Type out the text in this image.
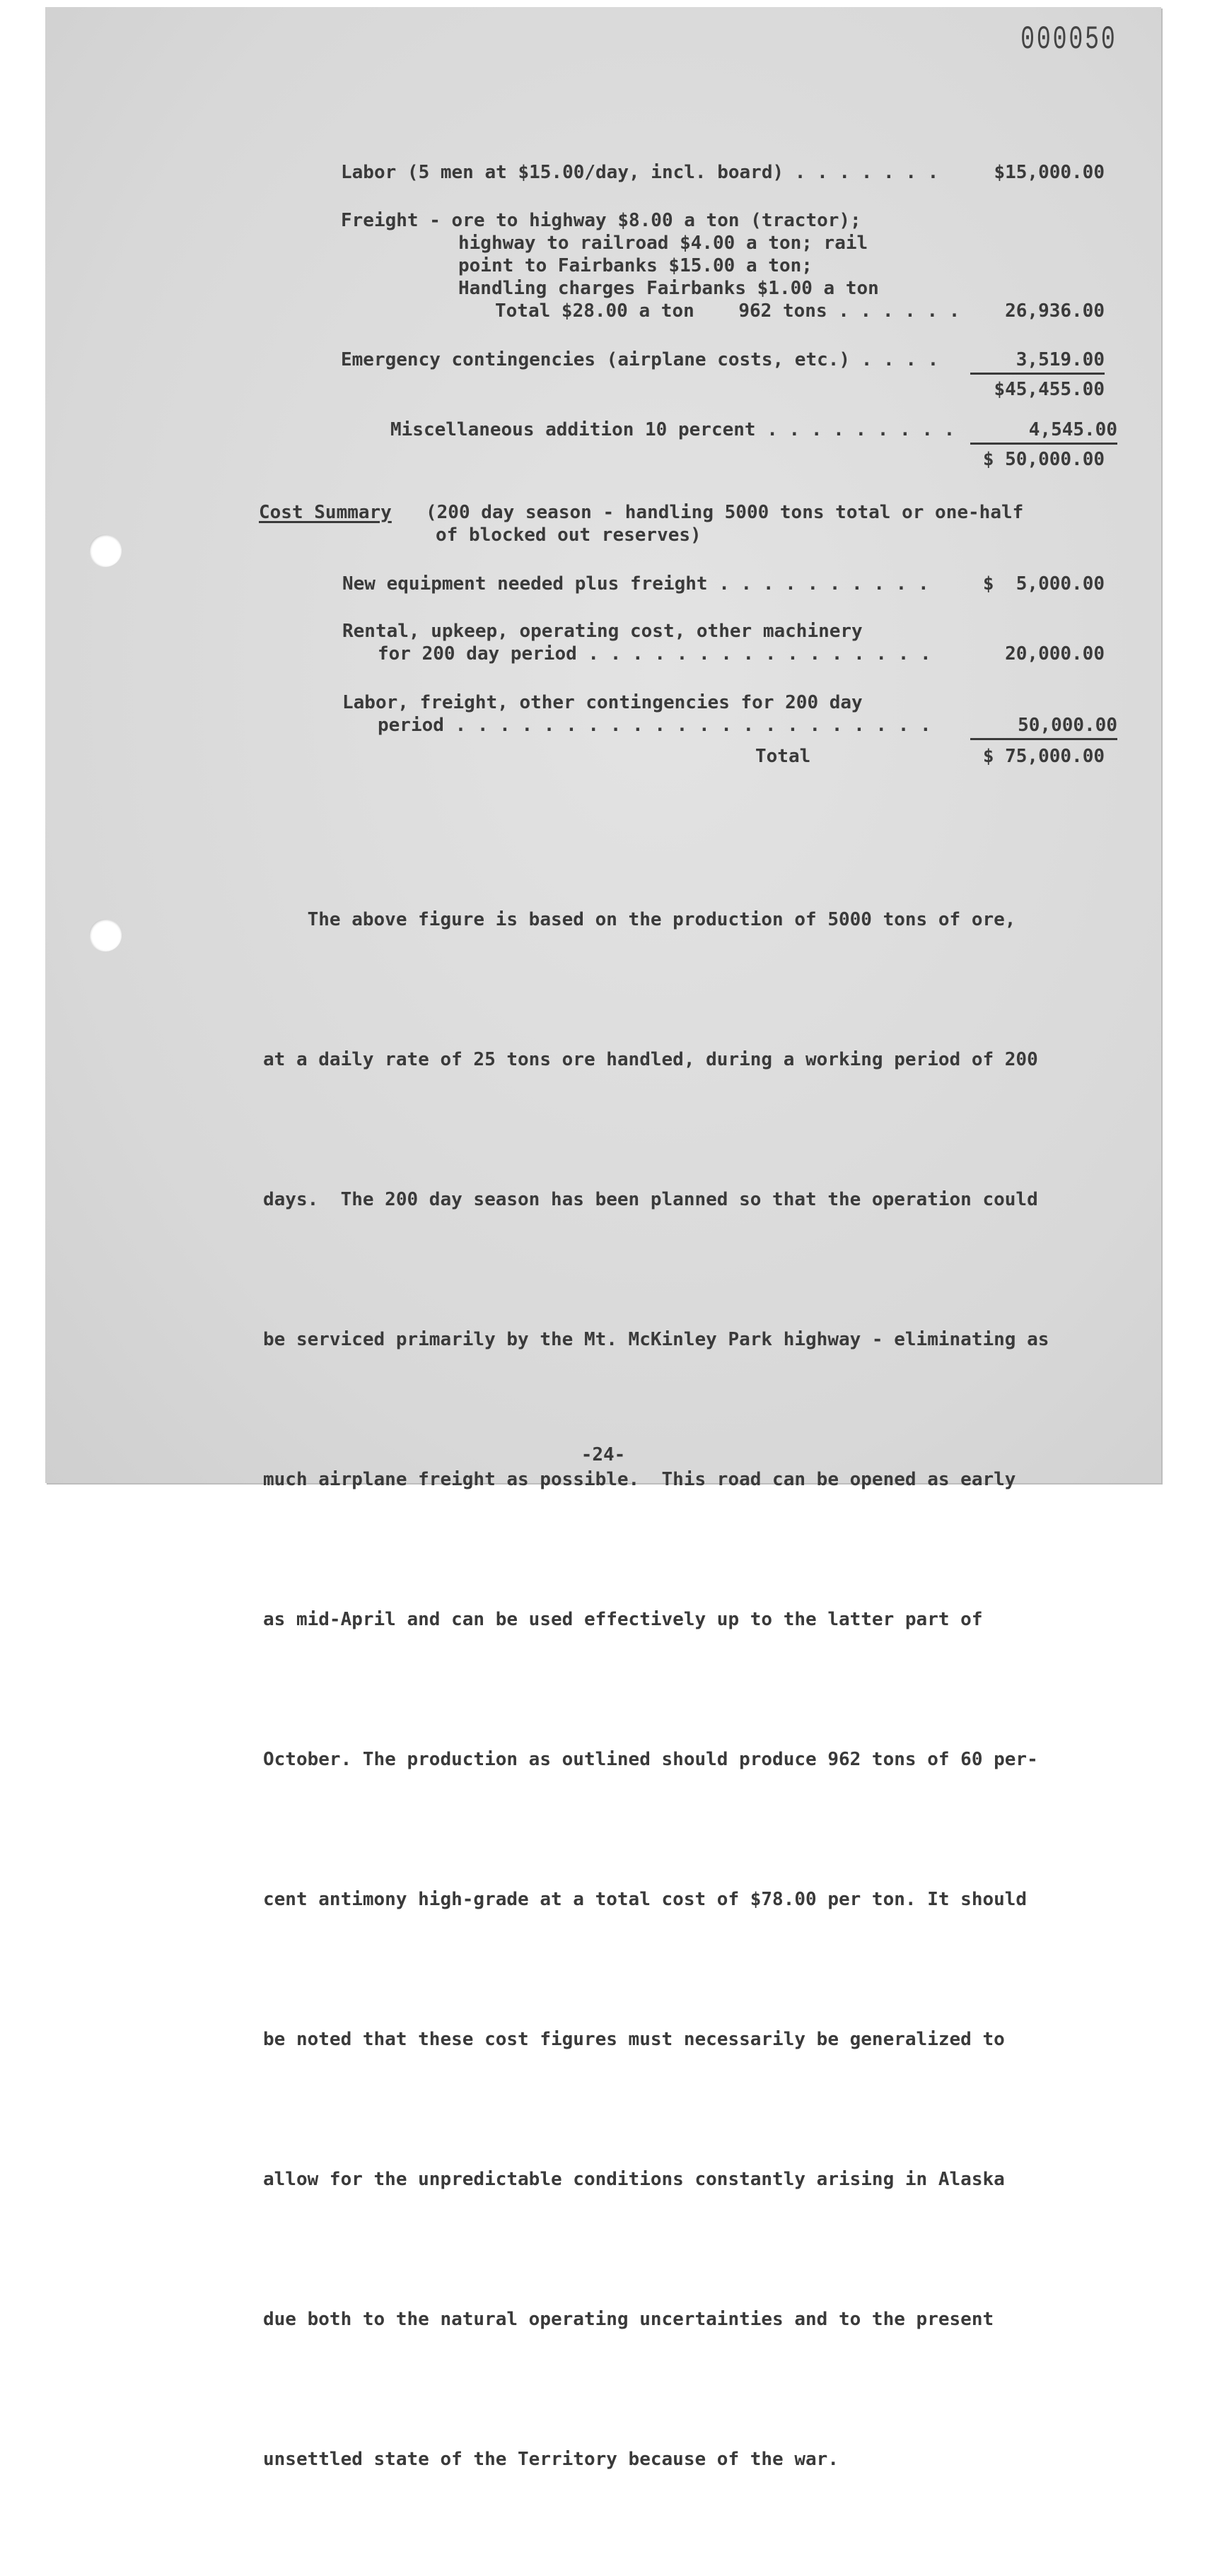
000050
Labor (5 men at $15.00/day, incl. board) . . . . . . .	$15,000.00
Freight - ore to highway $8.00 a ton (tractor);
highway to railroad $4.00 a ton; rail
point to Fairbanks $15.00 a ton;
Handling charges Fairbanks $1.00 a ton
Total $28.00 a ton    962 tons . . . . . . 26,936.00
Emergency contingencies (airplane costs, etc.) . . . .	3,519.00
$45,455.00
Miscellaneous addition 10 percent . . . . . . . . .	4,545.00
$ 50,000.00
Cost Summary (200 day season - handling 5000 tons total or one-half
of blocked out reserves)
New equipment needed plus freight . . . . . . . . . .	$  5,000.00
Rental, upkeep, operating cost, other machinery
for 200 day period . . . . . . . . . . . . . . . .	20,000.00
Labor, freight, other contingencies for 200 day
period . . . . . . . . . . . . . . . . . . . . . .	50,000.00
Total	$ 75,000.00

The above figure is based on the production of 5000 tons of ore,

at a daily rate of 25 tons ore handled, during a working period of 200

days.  The 200 day season has been planned so that the operation could

be serviced primarily by the Mt. McKinley Park highway - eliminating as

much airplane freight as possible.  This road can be opened as early

as mid-April and can be used effectively up to the latter part of

October. The production as outlined should produce 962 tons of 60 per-

cent antimony high-grade at a total cost of $78.00 per ton. It should

be noted that these cost figures must necessarily be generalized to

allow for the unpredictable conditions constantly arising in Alaska

due both to the natural operating uncertainties and to the present

unsettled state of the Territory because of the war.

-24-
